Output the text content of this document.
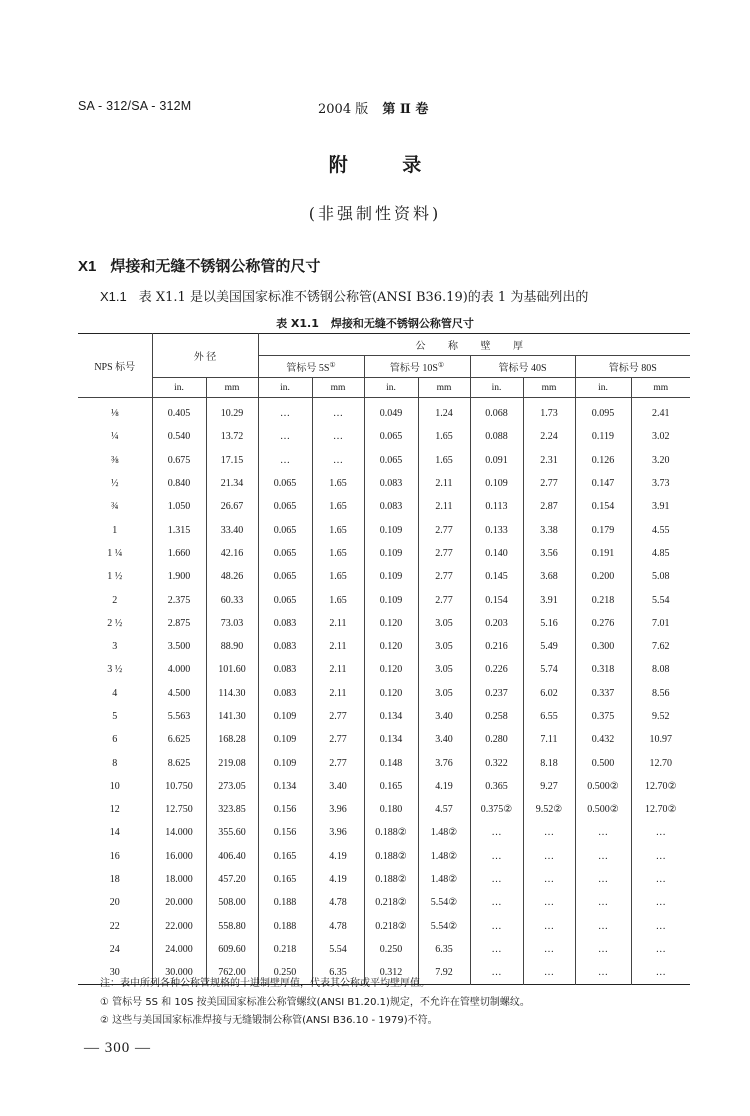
SA - 312/SA - 312M	2004 版 第 Ⅱ 卷
附 录
(非强制性资料)
X1 焊接和无缝不锈钢公称管的尺寸
X1.1 表 X1.1 是以美国国家标准不锈钢公称管(ANSI B36.19)的表 1 为基础列出的
表 X1.1 焊接和无缝不锈钢公称管尺寸
NPS 标号	外 径		公 称 壁 厚							
			管标号 5S①		管标号 10S①		管标号 40S		管标号 80S	
	in.	mm	in.	mm	in.	mm	in.	mm	in.	mm
⅛	0.405	10.29	…	…	0.049	1.24	0.068	1.73	0.095	2.41
¼	0.540	13.72	…	…	0.065	1.65	0.088	2.24	0.119	3.02
⅜	0.675	17.15	…	…	0.065	1.65	0.091	2.31	0.126	3.20
½	0.840	21.34	0.065	1.65	0.083	2.11	0.109	2.77	0.147	3.73
¾	1.050	26.67	0.065	1.65	0.083	2.11	0.113	2.87	0.154	3.91
1	1.315	33.40	0.065	1.65	0.109	2.77	0.133	3.38	0.179	4.55
1 ¼	1.660	42.16	0.065	1.65	0.109	2.77	0.140	3.56	0.191	4.85
1 ½	1.900	48.26	0.065	1.65	0.109	2.77	0.145	3.68	0.200	5.08
2	2.375	60.33	0.065	1.65	0.109	2.77	0.154	3.91	0.218	5.54
2 ½	2.875	73.03	0.083	2.11	0.120	3.05	0.203	5.16	0.276	7.01
3	3.500	88.90	0.083	2.11	0.120	3.05	0.216	5.49	0.300	7.62
3 ½	4.000	101.60	0.083	2.11	0.120	3.05	0.226	5.74	0.318	8.08
4	4.500	114.30	0.083	2.11	0.120	3.05	0.237	6.02	0.337	8.56
5	5.563	141.30	0.109	2.77	0.134	3.40	0.258	6.55	0.375	9.52
6	6.625	168.28	0.109	2.77	0.134	3.40	0.280	7.11	0.432	10.97
8	8.625	219.08	0.109	2.77	0.148	3.76	0.322	8.18	0.500	12.70
10	10.750	273.05	0.134	3.40	0.165	4.19	0.365	9.27	0.500②	12.70②
12	12.750	323.85	0.156	3.96	0.180	4.57	0.375②	9.52②	0.500②	12.70②
14	14.000	355.60	0.156	3.96	0.188②	1.48②	…	…	…	…
16	16.000	406.40	0.165	4.19	0.188②	1.48②	…	…	…	…
18	18.000	457.20	0.165	4.19	0.188②	1.48②	…	…	…	…
20	20.000	508.00	0.188	4.78	0.218②	5.54②	…	…	…	…
22	22.000	558.80	0.188	4.78	0.218②	5.54②	…	…	…	…
24	24.000	609.60	0.218	5.54	0.250	6.35	…	…	…	…
30	30.000	762.00	0.250	6.35	0.312	7.92	…	…	…	…
注：表中所列各种公称管规格的十进制壁厚值，代表其公称或平均壁厚值。
① 管标号 5S 和 10S 按美国国家标准公称管螺纹(ANSI B1.20.1)规定，不允许在管壁切制螺纹。
② 这些与美国国家标准焊接与无缝锻制公称管(ANSI B36.10 - 1979)不符。
— 300 —
